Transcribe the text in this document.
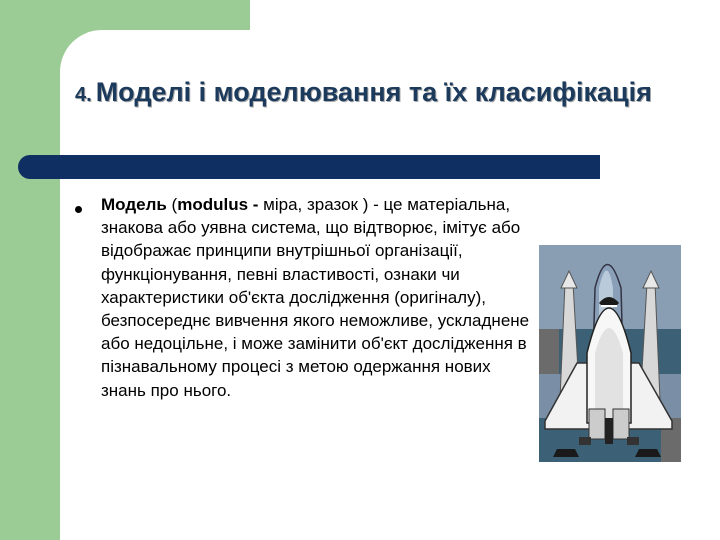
4. Моделі і моделювання та їх класифікація

Модель (modulus - міра, зразок ) - це матеріальна, знакова або уявна система, що відтворює, імітує або відображає принципи внутрішньої організації, функціонування, певні властивості, ознаки чи характеристики об'єкта дослідження (оригіналу), безпосереднє вивчення якого неможливе, ускладнене або недоцільне, і може замінити об'єкт дослідження в пізнавальному процесі з метою одержання нових знань про нього.
